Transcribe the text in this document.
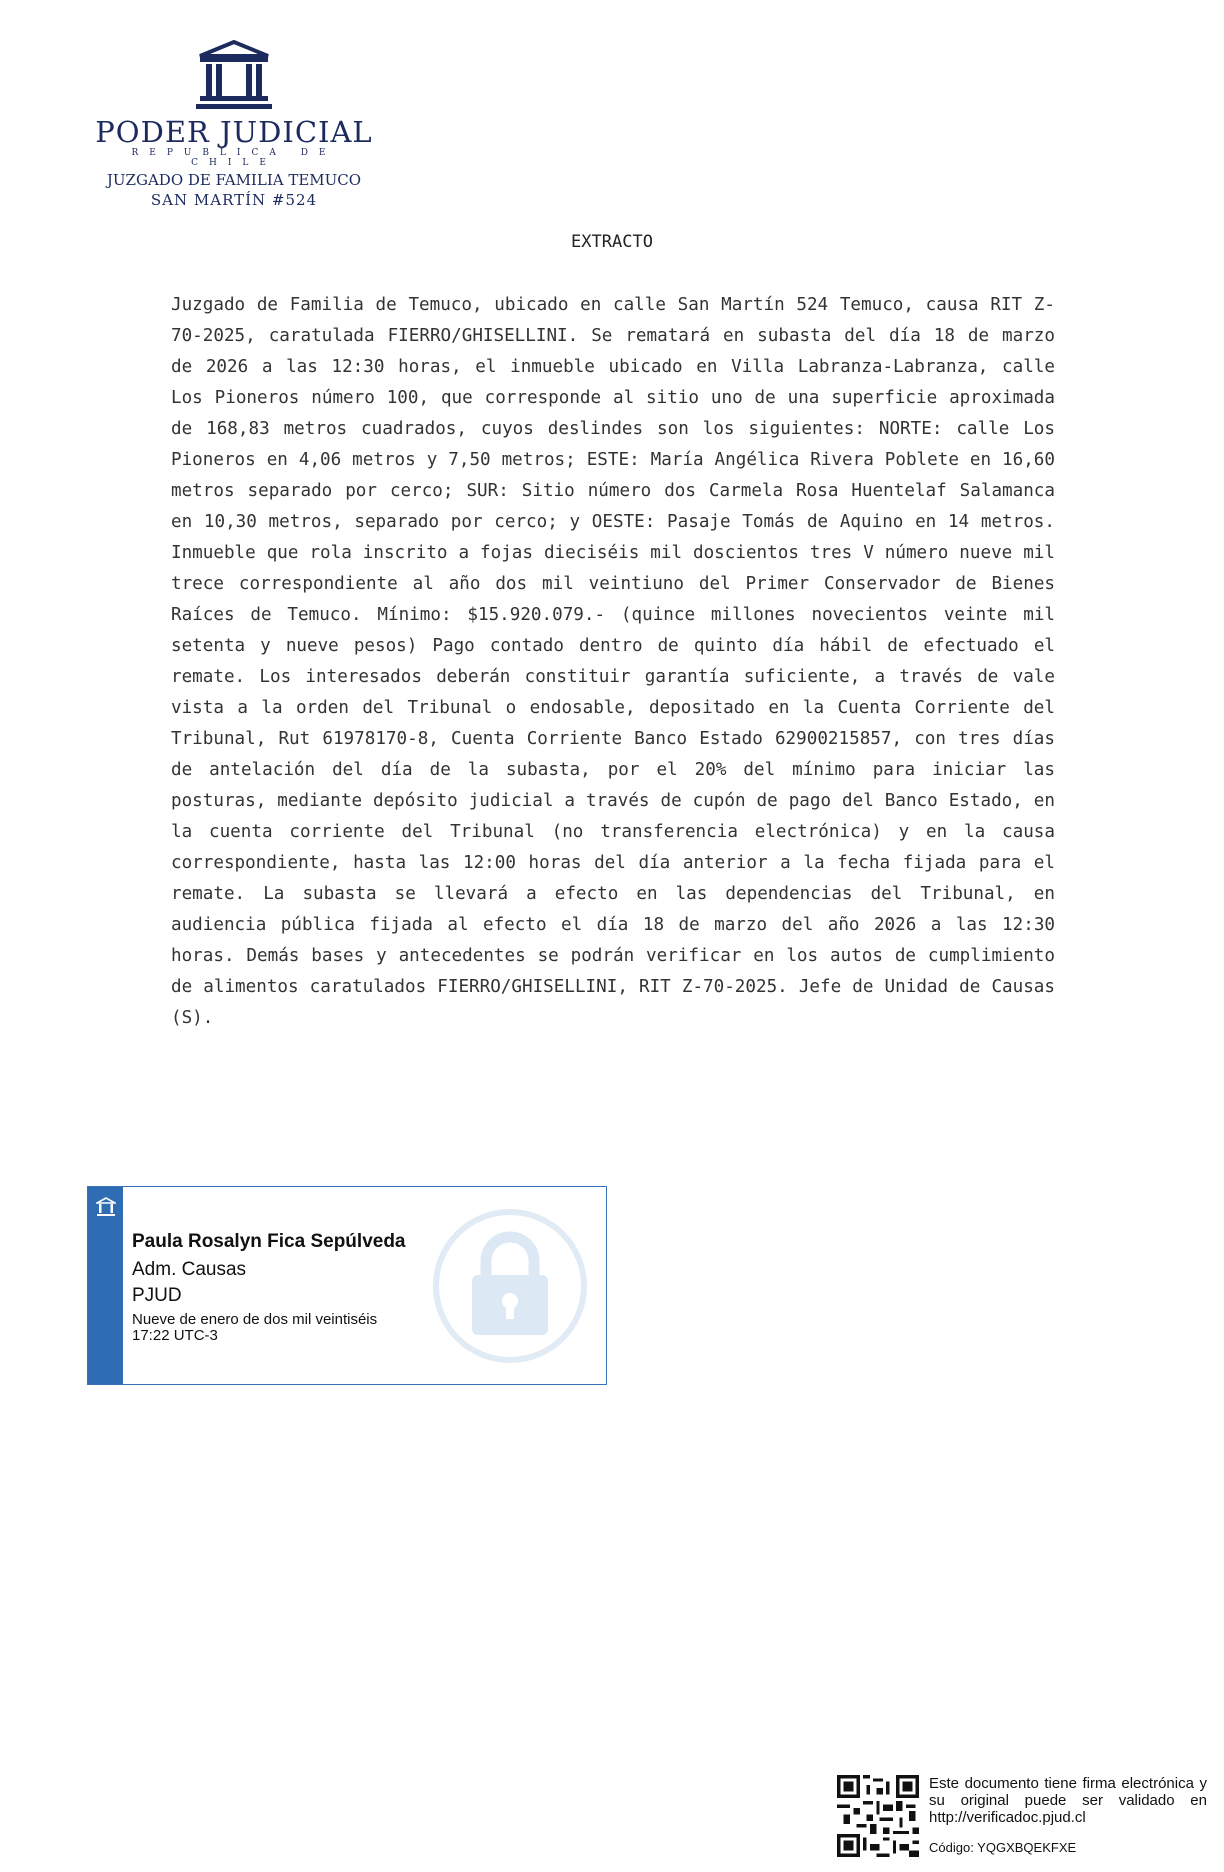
PODER JUDICIAL
REPUBLICA DE CHILE
JUZGADO DE FAMILIA TEMUCO
SAN MARTÍN #524
EXTRACTO

Juzgado de Familia de Temuco, ubicado en calle San Martín 524 Temuco, causa RIT Z-70-2025, caratulada FIERRO/GHISELLINI. Se rematará en subasta del día 18 de marzo de 2026 a las 12:30 horas, el inmueble ubicado en Villa Labranza-Labranza, calle Los Pioneros número 100, que corresponde al sitio uno de una superficie aproximada de 168,83 metros cuadrados, cuyos deslindes son los siguientes: NORTE: calle Los Pioneros en 4,06 metros y 7,50 metros; ESTE: María Angélica Rivera Poblete en 16,60 metros separado por cerco; SUR: Sitio número dos Carmela Rosa Huentelaf Salamanca en 10,30 metros, separado por cerco; y OESTE: Pasaje Tomás de Aquino en 14 metros. Inmueble que rola inscrito a fojas dieciséis mil doscientos tres V número nueve mil trece correspondiente al año dos mil veintiuno del Primer Conservador de Bienes Raíces de Temuco. Mínimo: $15.920.079.- (quince millones novecientos veinte mil setenta y nueve pesos) Pago contado dentro de quinto día hábil de efectuado el remate. Los interesados deberán constituir garantía suficiente, a través de vale vista a la orden del Tribunal o endosable, depositado en la Cuenta Corriente del Tribunal, Rut 61978170-8, Cuenta Corriente Banco Estado 62900215857, con tres días de antelación del día de la subasta, por el 20% del mínimo para iniciar las posturas, mediante depósito judicial a través de cupón de pago del Banco Estado, en la cuenta corriente del Tribunal (no transferencia electrónica) y en la causa correspondiente, hasta las 12:00 horas del día anterior a la fecha fijada para el remate. La subasta se llevará a efecto en las dependencias del Tribunal, en audiencia pública fijada al efecto el día 18 de marzo del año 2026 a las 12:30 horas. Demás bases y antecedentes se podrán verificar en los autos de cumplimiento de alimentos caratulados FIERRO/GHISELLINI, RIT Z-70-2025. Jefe de Unidad de Causas (S).

Paula Rosalyn Fica Sepúlveda
Adm. Causas
PJUD
Nueve de enero de dos mil veintiséis
17:22 UTC-3
Este documento tiene firma electrónica y su original puede ser validado en http://verificadoc.pjud.cl
Código: YQGXBQEKFXE
